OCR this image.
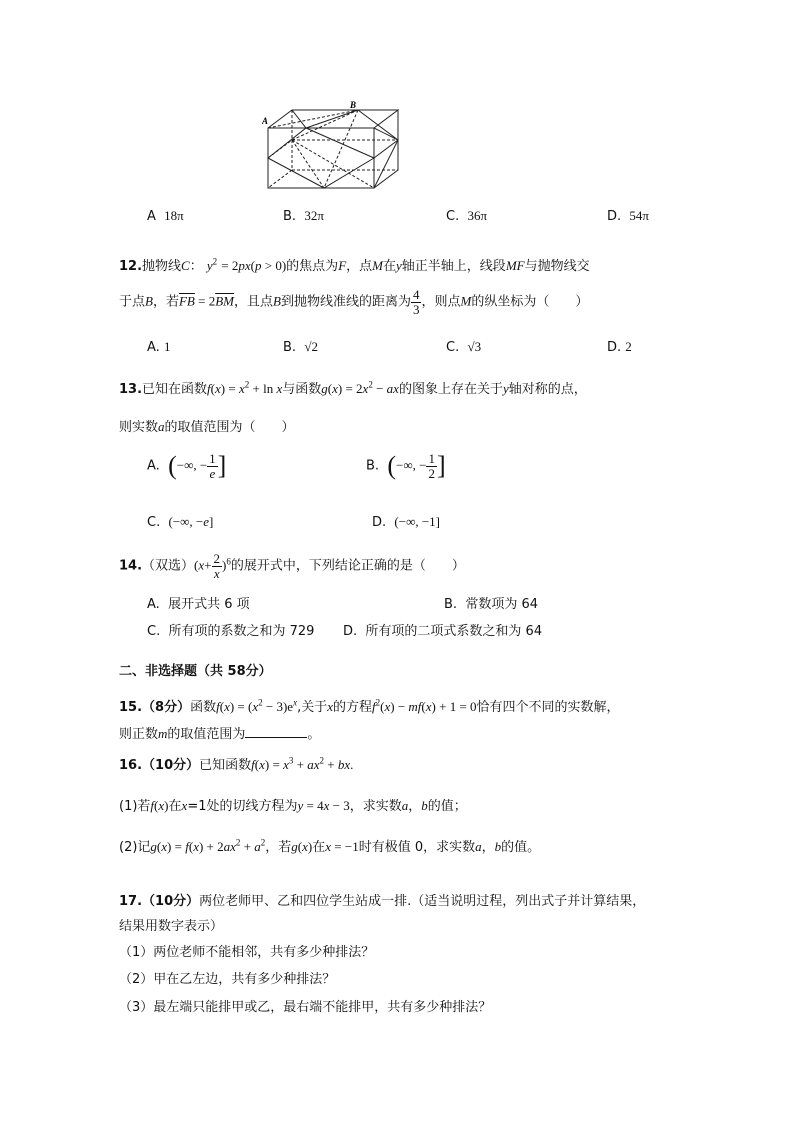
A
B
A 18π	B. 32π	C. 36π	D. 54π
12.抛物线C： $y^2 = 2px(p > 0)$的焦点为F，点M在y轴正半轴上，线段MF与抛物线交
于点B，若$\overline{FB} = 2\overline{BM}$，且点B到抛物线准线的距离为 $\frac{4}{3}$ ，则点M的纵坐标为（　　）
A. 1	B. √2	C. √3	D. 2
13.已知在函数$f(x) = x^2 + \ln x$与函数$g(x) = 2x^2$ − ax的图象上存在关于y轴对称的点，
则实数a的取值范围为（　　）
A. (−∞, − $\frac{1}{e}$ ]	B. (−∞, − $\frac{1}{2}$ ]
C. (−∞, −e]	D. (−∞, −1]
14.（双选）$(x+ \frac{2}{x} )^6$的展开式中，下列结论正确的是（　　）
A. 展开式共 6 项	B. 常数项为 64
C. 所有项的系数之和为 729 D. 所有项的二项式系数之和为 64
二、非选择题（共 58分）
15.（8分）函数$f(x) = (x^2 - 3)e^x$,关于x的方程$f^2(x) - mf(x) + 1 = 0$恰有四个不同的实数解，
则正数m的取值范围为	。
16.（10分）已知函数$f(x) = x^3 + ax^2$ + bx.
(1)若f(x)在x=1处的切线方程为y = 4x − 3，求实数a，b的值；
(2)记$g(x) = f(x) + 2ax^2 + a^2$，若g(x)在x = −1时有极值 0，求实数a，b的值。
17.（10分）两位老师甲、乙和四位学生站成一排.（适当说明过程，列出式子并计算结果，
结果用数字表示）
（1）两位老师不能相邻，共有多少种排法？
（2）甲在乙左边，共有多少种排法？
（3）最左端只能排甲或乙，最右端不能排甲，共有多少种排法？
